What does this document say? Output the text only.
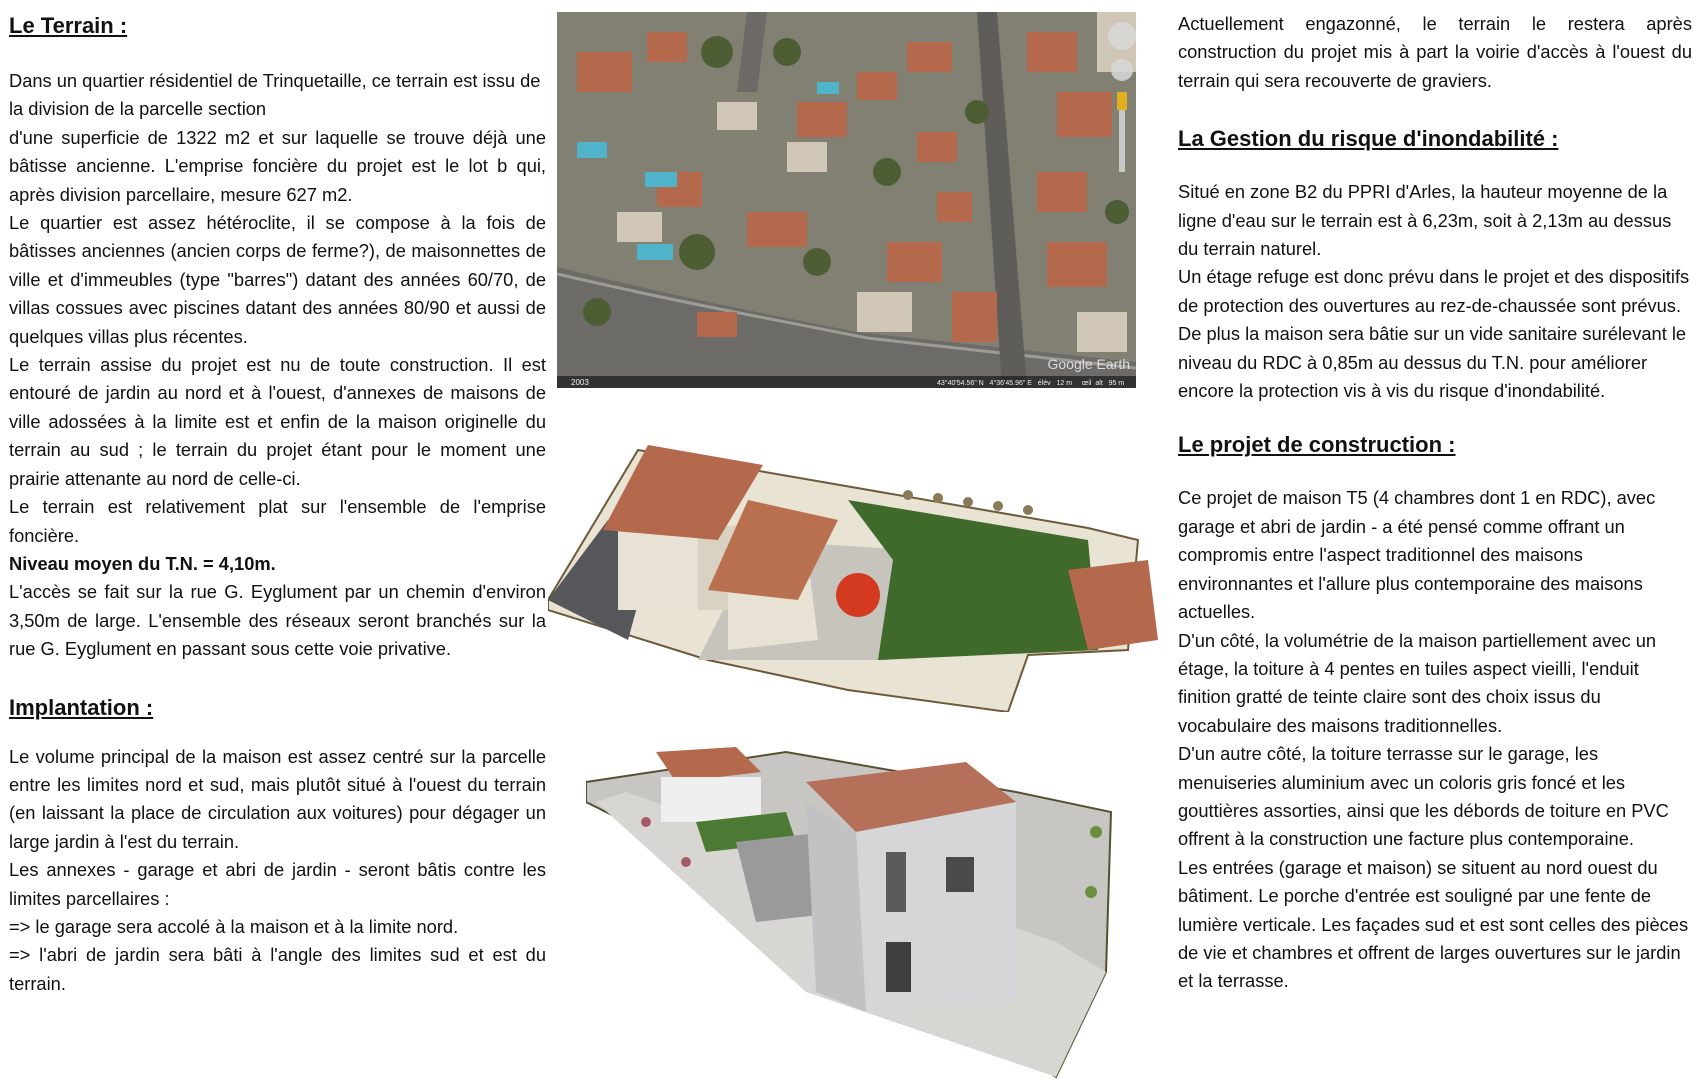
Le Terrain :

Dans un quartier résidentiel de Trinquetaille, ce terrain est issu de la division de la parcelle section

d'une superficie de 1322 m2 et sur laquelle se trouve déjà une bâtisse ancienne. L'emprise foncière du projet est le lot b qui, après division parcellaire, mesure 627 m2.

Le quartier est assez hétéroclite, il se compose à la fois de bâtisses anciennes (ancien corps de ferme?), de maisonnettes de ville et d'immeubles (type "barres") datant des années 60/70, de villas cossues avec piscines datant des années 80/90 et aussi de quelques villas plus récentes.

Le terrain assise du projet est nu de toute construction. Il est entouré de jardin au nord et à l'ouest, d'annexes de maisons de ville adossées à la limite est et enfin de la maison originelle du terrain au sud ; le terrain du projet étant pour le moment une prairie attenante au nord de celle-ci.

Le terrain est relativement plat sur l'ensemble de l'emprise foncière.

Niveau moyen du T.N. = 4,10m.

L'accès se fait sur la rue G. Eyglument par un chemin d'environ 3,50m de large. L'ensemble des réseaux seront branchés sur la rue G. Eyglument en passant sous cette voie privative.

Implantation :

Le volume principal de la maison est assez centré sur la parcelle entre les limites nord et sud, mais plutôt situé à l'ouest du terrain (en laissant la place de circulation aux voitures) pour dégager un large jardin à l'est du terrain.

Les annexes - garage et abri de jardin - seront bâtis contre les limites parcellaires :

=> le garage sera accolé à la maison et à la limite nord.

=> l'abri de jardin sera bâti à l'angle des limites sud et est du terrain.

Google Earth
2003	43°40'54.56" N   4°36'45.96" E   élév   12 m     œil  alt   95 m

Actuellement engazonné, le terrain le restera après construction du projet mis à part la voirie d'accès à l'ouest du terrain qui sera recouverte de graviers.

La Gestion du risque d'inondabilité :

Situé en zone B2 du PPRI d'Arles, la hauteur moyenne de la ligne d'eau sur le terrain est à 6,23m, soit à 2,13m au dessus du terrain naturel.

Un étage refuge est donc prévu dans le projet et des dispositifs de protection des ouvertures au rez-de-chaussée sont prévus. De plus la maison sera bâtie sur un vide sanitaire surélevant le niveau du RDC à 0,85m au dessus du T.N. pour améliorer encore la protection vis à vis du risque d'inondabilité.

Le projet de construction :

Ce projet de maison T5 (4 chambres dont 1 en RDC), avec garage et abri de jardin - a été pensé comme offrant un compromis entre l'aspect traditionnel des maisons environnantes et l'allure plus contemporaine des maisons actuelles.

D'un côté, la volumétrie de la maison partiellement avec un étage, la toiture à 4 pentes en tuiles aspect vieilli, l'enduit finition gratté de teinte claire sont des choix issus du vocabulaire des maisons traditionnelles.

D'un autre côté, la toiture terrasse sur le garage, les menuiseries aluminium avec un coloris gris foncé et les gouttières assorties, ainsi que les débords de toiture en PVC offrent à la construction une facture plus contemporaine.

Les entrées (garage et maison) se situent au nord ouest du bâtiment. Le porche d'entrée est souligné par une fente de lumière verticale. Les façades sud et est sont celles des pièces de vie et chambres et offrent de larges ouvertures sur le jardin et la terrasse.
